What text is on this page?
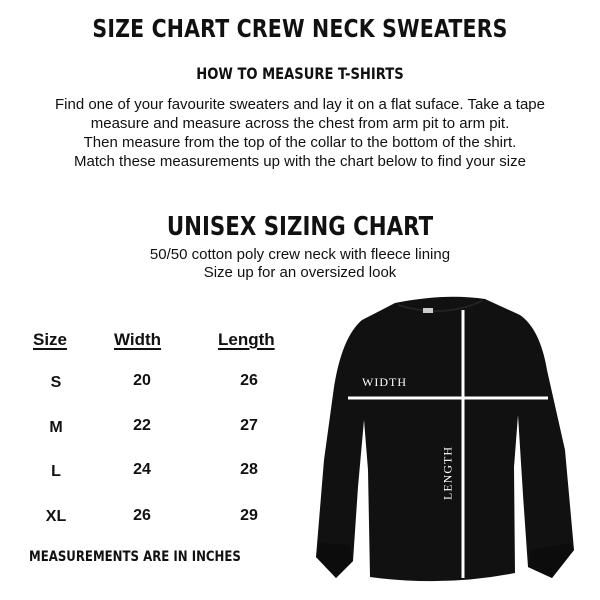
SIZE CHART CREW NECK SWEATERS
HOW TO MEASURE T-SHIRTS
Find one of your favourite sweaters and lay it on a flat suface. Take a tape
measure and measure across the chest from arm pit to arm pit.
Then measure from the top of the collar to the bottom of the shirt.
Match these measurements up with the chart below to find your size
UNISEX SIZING CHART
50/50 cotton poly crew neck with fleece lining
Size up for an oversized look
Size	Width	Length
S	20	26
M	22	27
L	24	28
XL	26	29
MEASUREMENTS ARE IN INCHES
WIDTH
LENGTH
